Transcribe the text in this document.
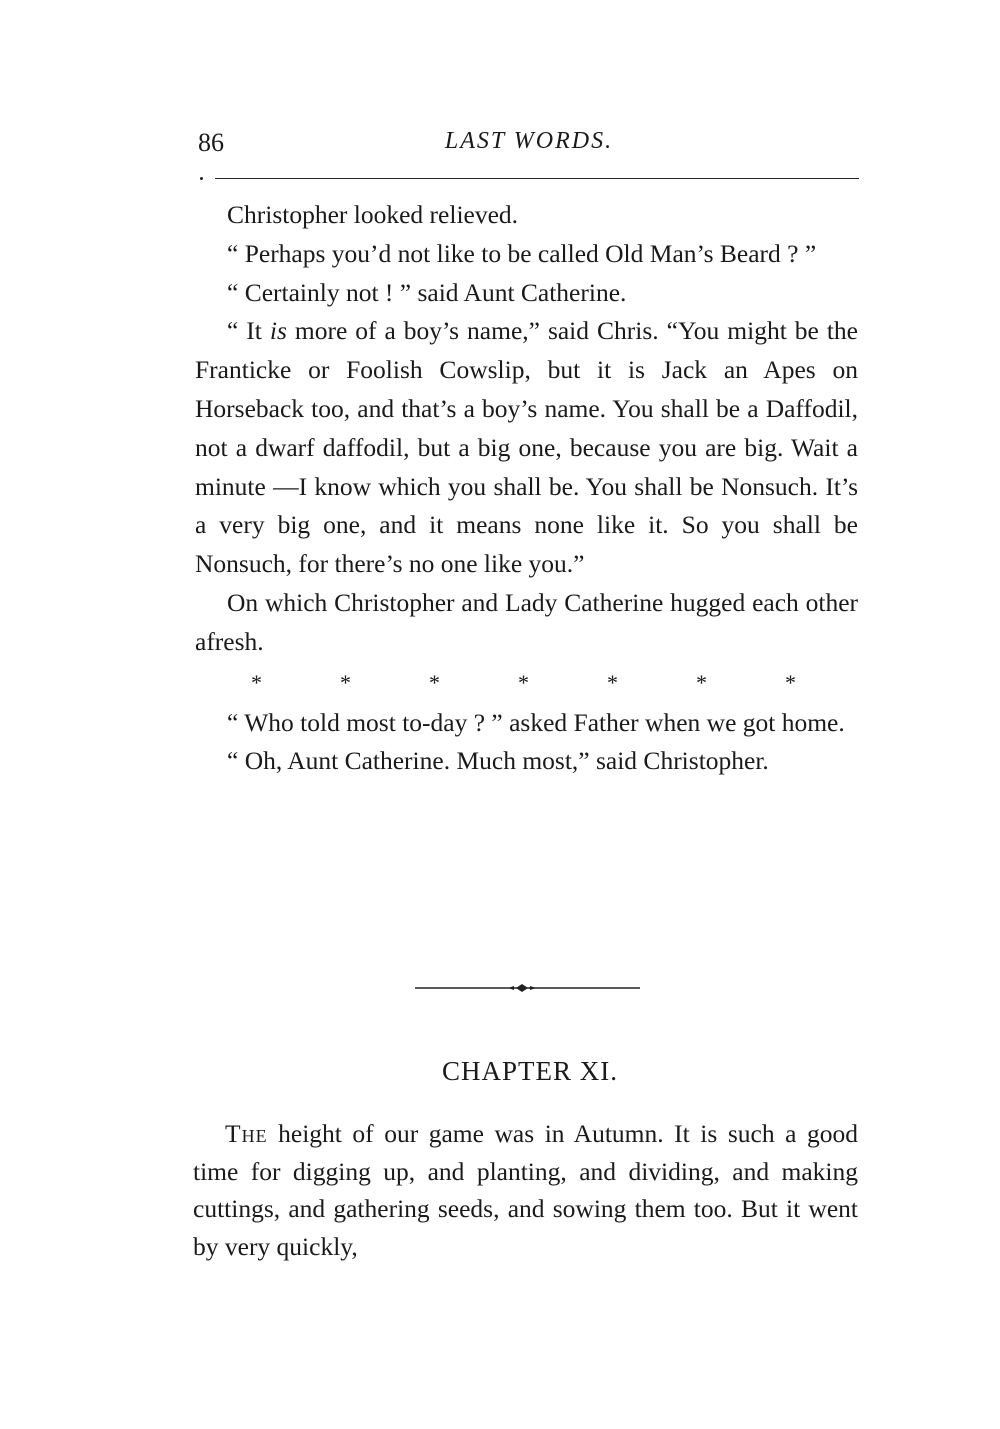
86	LAST WORDS.

Christopher looked relieved.

“ Perhaps you’d not like to be called Old Man’s Beard ? ”

“ Certainly not ! ” said Aunt Catherine.

“ It is more of a boy’s name,” said Chris. “You might be the Franticke or Foolish Cowslip, but it is Jack an Apes on Horseback too, and that’s a boy’s name. You shall be a Daffodil, not a dwarf daffodil, but a big one, because you are big. Wait a minute —I know which you shall be. You shall be Nonsuch. It’s a very big one, and it means none like it. So you shall be Nonsuch, for there’s no one like you.”

On which Christopher and Lady Catherine hugged each other afresh.

*	*	*	*	*	*	*

“ Who told most to-day ? ” asked Father when we got home.

“ Oh, Aunt Catherine. Much most,” said Christopher.

CHAPTER XI.

The height of our game was in Autumn. It is such a good time for digging up, and planting, and dividing, and making cuttings, and gathering seeds, and sowing them too. But it went by very quickly,
